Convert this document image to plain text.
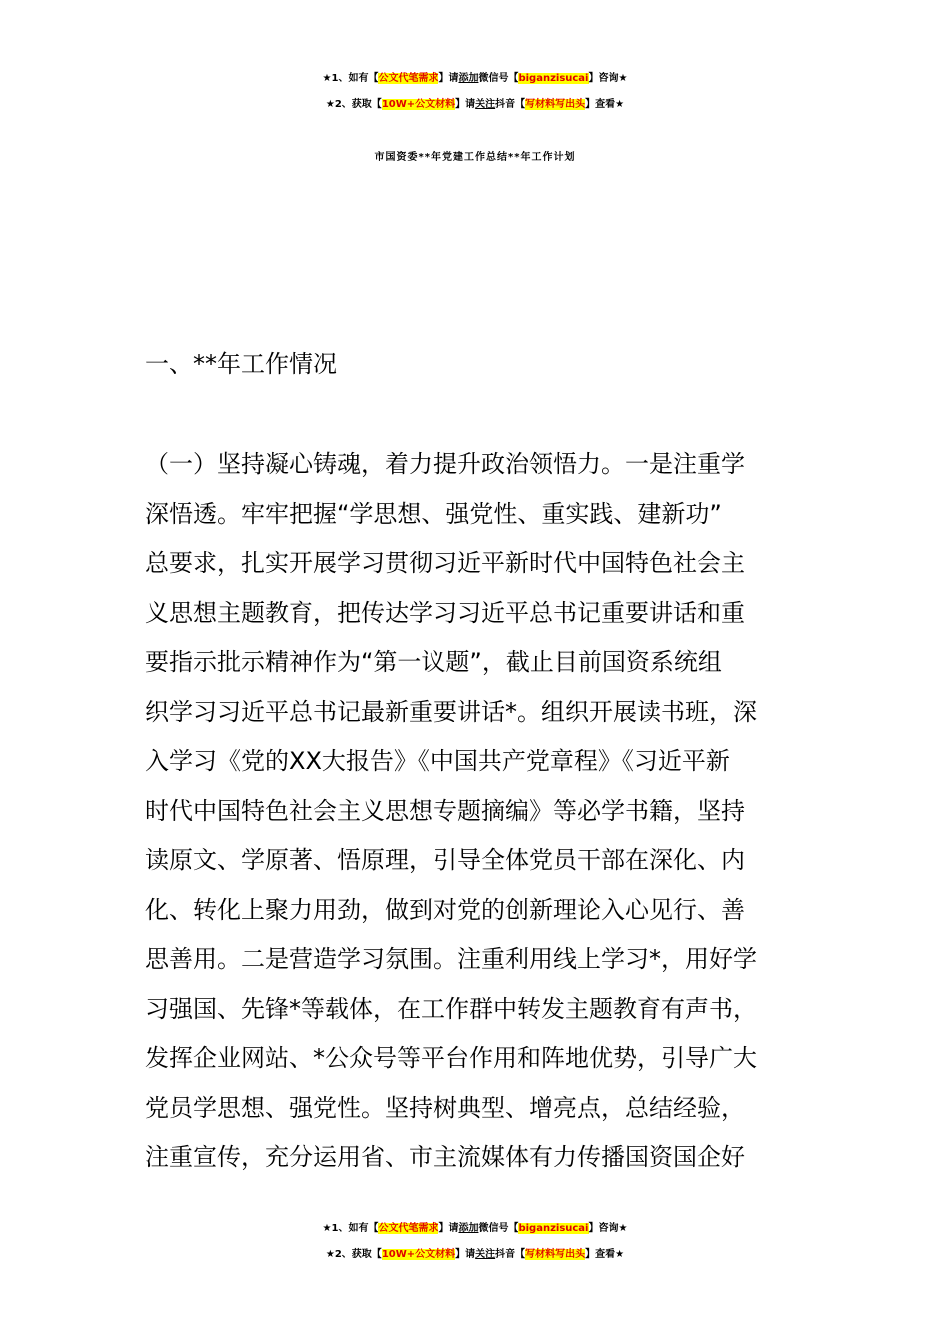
★1、如有【公文代笔需求】请添加微信号【biganzisucai】咨询★
★2、获取【10W+公文材料】请关注抖音【写材料写出头】查看★
市国资委**年党建工作总结**年工作计划
一、**年工作情况
（一）坚持凝心铸魂，着力提升政治领悟力。一是注重学
深悟透。牢牢把握“学思想、强党性、重实践、建新功”
总要求，扎实开展学习贯彻习近平新时代中国特色社会主
义思想主题教育，把传达学习习近平总书记重要讲话和重
要指示批示精神作为“第一议题”，截止目前国资系统组
织学习习近平总书记最新重要讲话*。组织开展读书班，深
入学习《党的XX大报告》《中国共产党章程》《习近平新
时代中国特色社会主义思想专题摘编》等必学书籍，坚持
读原文、学原著、悟原理，引导全体党员干部在深化、内
化、转化上聚力用劲，做到对党的创新理论入心见行、善
思善用。二是营造学习氛围。注重利用线上学习*，用好学
习强国、先锋*等载体，在工作群中转发主题教育有声书，
发挥企业网站、*公众号等平台作用和阵地优势，引导广大
党员学思想、强党性。坚持树典型、增亮点，总结经验，
注重宣传，充分运用省、市主流媒体有力传播国资国企好
★1、如有【公文代笔需求】请添加微信号【biganzisucai】咨询★
★2、获取【10W+公文材料】请关注抖音【写材料写出头】查看★
